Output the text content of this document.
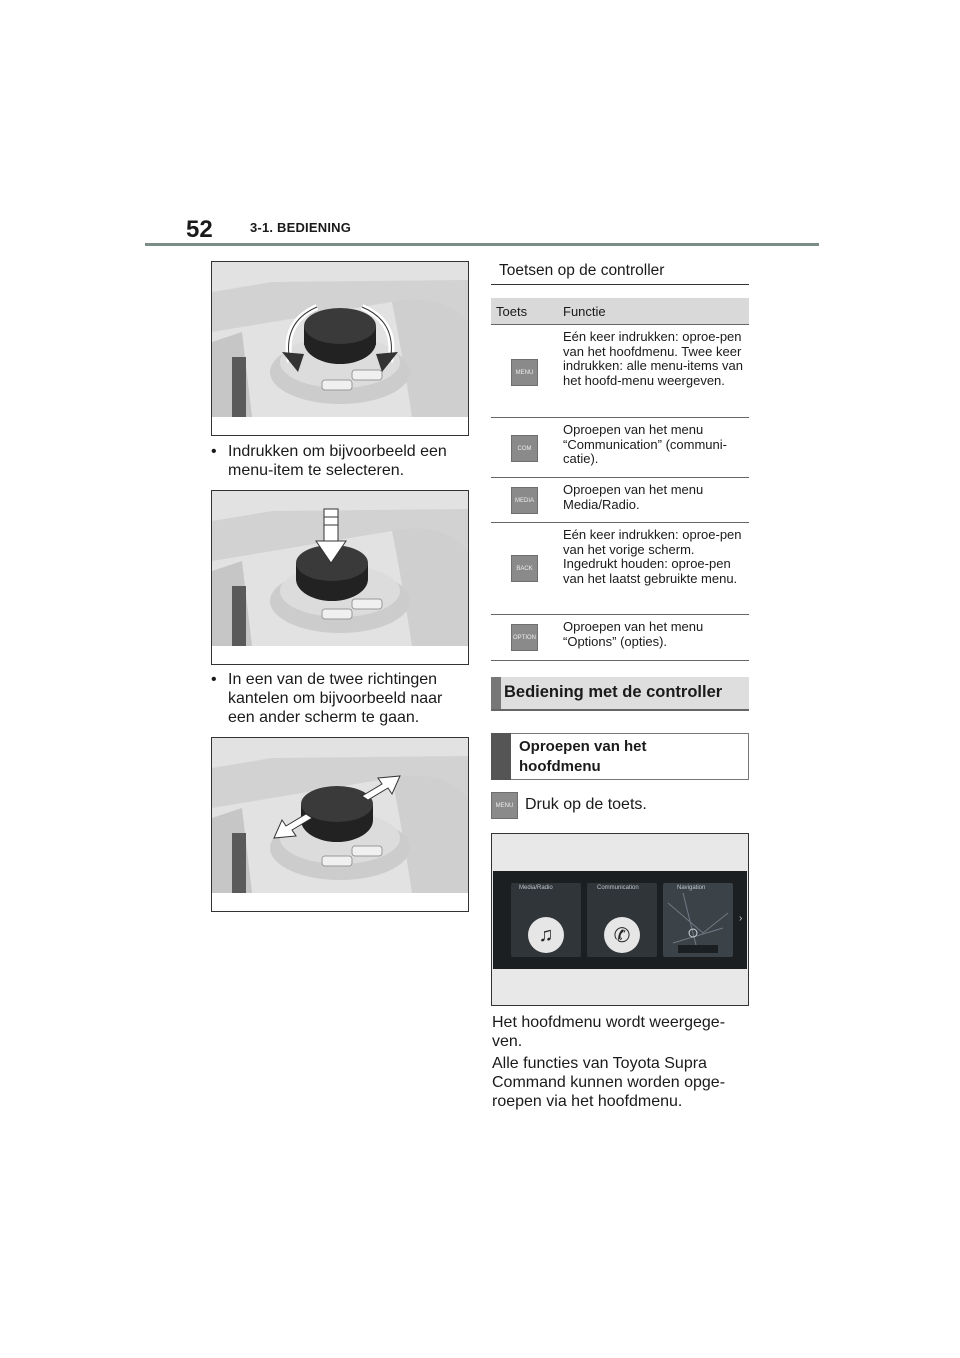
52	3-1. BEDIENING
• Indrukken om bijvoorbeeld een menu-item te selecteren.
• In een van de twee richtingen kantelen om bijvoorbeeld naar een ander scherm te gaan.
Toetsen op de controller
Toets	Functie
MENU
Eén keer indrukken: oproe-pen van het hoofdmenu. Twee keer indrukken: alle menu-items van het hoofd-menu weergeven.
COM
Oproepen van het menu “Communication” (communi-catie).
MEDIA
Oproepen van het menu Media/Radio.
BACK
Eén keer indrukken: oproe-pen van het vorige scherm. Ingedrukt houden: oproe-pen van het laatst gebruikte menu.
OPTION
Oproepen van het menu “Options” (opties).
Bediening met de controller
Oproepen van het hoofdmenu
MENU Druk op de toets.
♫
Media/Radio
✆
Communication	Navigation
›
Het hoofdmenu wordt weergege-ven.
Alle functies van Toyota Supra Command kunnen worden opge-roepen via het hoofdmenu.
